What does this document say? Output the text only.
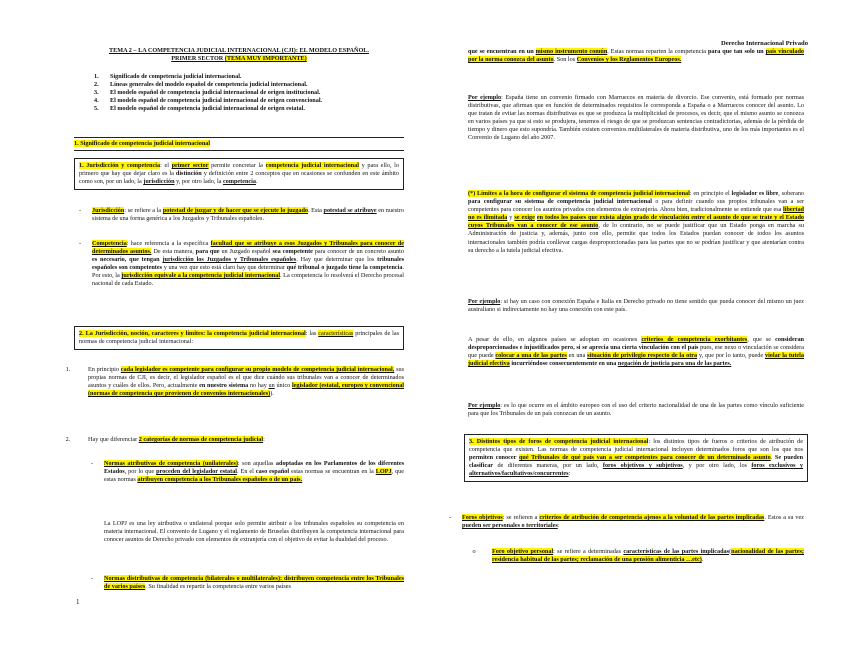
TEMA 2 – LA COMPETENCIA JUDICIAL INTERNACIONAL (CJI): EL MODELO ESPAÑOL.
PRIMER SECTOR (TEMA MUY IMPORTANTE)
1.	Significado de competencia judicial internacional.
2.	Líneas generales del modelo español de competencia judicial internacional.
3.	El modelo español de competencia judicial internacional de origen institucional.
4.	El modelo español de competencia judicial internacional de origen convencional.
5.	El modelo español de competencia judicial internacional de origen estatal.
1. Significado de competencia judicial internacional
1. Jurisdicción y competencia: el primer sector permite concretar la competencia judicial internacional y para ello, lo primero que hay que dejar claro es la distinción y definición entre 2 conceptos que en ocasiones se confunden en este ámbito como son, por un lado, la jurisdicción y, por otro lado, la competencia.
-	Jurisdicción: se refiere a la potestad de juzgar y de hacer que se ejecute lo juzgado. Esta potestad se atribuye en nuestro sistema de una forma genérica a los Juzgados y Tribunales españoles.
-	Competencia: hace referencia a la específica facultad que se atribuye a esos Juzgados y Tribunales para conocer de determinados asuntos. De esta manera, para que un Juzgado español sea competente para conocer de un concreto asunto es necesario, que tengan jurisdicción los Juzgados y Tribunales españoles. Hay que determinar que los tribunales españoles son competentes y una vez que esto está claro hay que determinar qué tribunal o juzgado tiene la competencia. Por esto, la jurisdicción equivale a la competencia judicial internacional. La competencia lo resolverá el Derecho procesal nacional de cada Estado.
2. La Jurisdicción, noción, caracteres y límites: la competencia judicial internacional: las características principales de las normas de competencia judicial internacional:
1.	En principio cada legislador es competente para configurar su propio modelo de competencia judicial internacional, sus propias normas de CJI, es decir, el legislador español es el que dice cuándo sus tribunales van a conocer de determinados asuntos y cuáles de ellos. Pero, actualmente en nuestro sistema no hay un único legislador (estatal, europeo y convencional (normas de competencia que provienen de convenios internacionales)).
2.	Hay que diferenciar 2 categorías de normas de competencia judicial:
-	Normas atributivas de competencia (unilaterales): son aquellas adoptadas en los Parlamentos de los diferentes Estados, por lo que proceden del legislador estatal. En el caso español estas normas se encuentran en la LOPJ, que estas normas atribuyen competencia a los Tribunales españoles o de un país.
La LOPJ es una ley atributiva o unilateral porque solo permite atribuir a los tribunales españoles su competencia en materia internacional. El convenio de Lugano y el reglamento de Bruselas distribuyen la competencia internacional para conocer asuntos de Derecho privado con elementos de extranjería con el objetivo de evitar la dualidad del proceso.
-	Normas distributivas de competencia (bilaterales o multilaterales): distribuyen competencia entre los Tribunales de varios países. Su finalidad es repartir la competencia entre varios países
1
Derecho Internacional Privado
que se encuentran en un mismo instrumento común. Estas normas reparten la competencia para que tan solo un país vinculado por la norma conozca del asunto. Son los Convenios y los Reglamentos Europeos.
Por ejemplo: España tiene un convenio firmado con Marruecos en materia de divorcio. Ese convenio, está formado por normas distributivas, que afirman que en función de determinados requisitos le corresponda a España o a Marruecos conocer del asunto. Lo que tratan de evitar las normas distributivas es que se produzca la multiplicidad de procesos, es decir, que el mismo asunto se conozca en varios países ya que si esto se produjera, tenemos el riesgo de que se produzcan sentencias contradictorias, además de la pérdida de tiempo y dinero que esto supondría. También existen convenios multilaterales de materia distributiva, uno de los más importantes es el Convenio de Lugano del año 2007.
(*) Límites a la hora de configurar el sistema de competencia judicial internacional: en principio el legislador es libre, soberano para configurar su sistema de competencia judicial internacional o para definir cuando sus propios tribunales van a ser competentes para conocer los asuntos privados con elementos de extranjería. Ahora bien, tradicionalmente se entiende que esa libertad no es ilimitada y se exige en todos los países que exista algún grado de vinculación entre el asunto de que se trate y el Estado cuyos Tribunales van a conocer de ese asunto, de lo contrario, no se puede justificar que un Estado ponga en marcha su Administración de justicia y, además, junto con ello, permite que todos los Estados puedan conocer de todos los asuntos internacionales también podría conllevar cargas desproporcionadas para las partes que no se podrían justificar y que atentarían contra su derecho a la tutela judicial efectiva.
Por ejemplo: si hay un caso con conexión España e Italia en Derecho privado no tiene sentido que pueda conocer del mismo un juez australiano si indirectamente no hay una conexión con este país.
A pesar de ello, en algunos países se adoptan en ocasiones criterios de competencia exorbitantes, que se consideran desproporcionados e injustificados pero, si se aprecia una cierta vinculación con el país pues, ese nexo o vinculación se considera que puede colocar a una de las partes en una situación de privilegio respecto de la otra y, que por lo tanto, puede violar la tutela judicial efectiva incurriéndose consecuentemente en una negación de justicia para una de las partes.
Por ejemplo: es lo que ocurre en el ámbito europeo con el uso del criterio nacionalidad de una de las partes como vínculo suficiente para que los Tribunales de un país conozcan de un asunto.
3. Distintos tipos de foros de competencia judicial internacional: los distintos tipos de fueros o criterios de atribución de competencia que existen. Las normas de competencia judicial internacional incluyen determinados foros que son los que nos permiten conocer qué Tribunales de qué país van a ser competentes para conocer de un determinado asunto. Se pueden clasificar de diferentes maneras, por un lado, foros objetivos y subjetivos, y por otro lado, los foros exclusivos y alternativos/facultativos/concurrentes:
-	Foros objetivos: se refieren a criterios de atribución de competencia ajenos a la voluntad de las partes implicadas. Estos a su vez pueden ser personales o territoriales:
o	Foro objetivo personal: se refiere a determinadas características de las partes implicadas nacionalidad de las partes; residencia habitual de las partes; reclamación de una pensión alimenticia …etc).
